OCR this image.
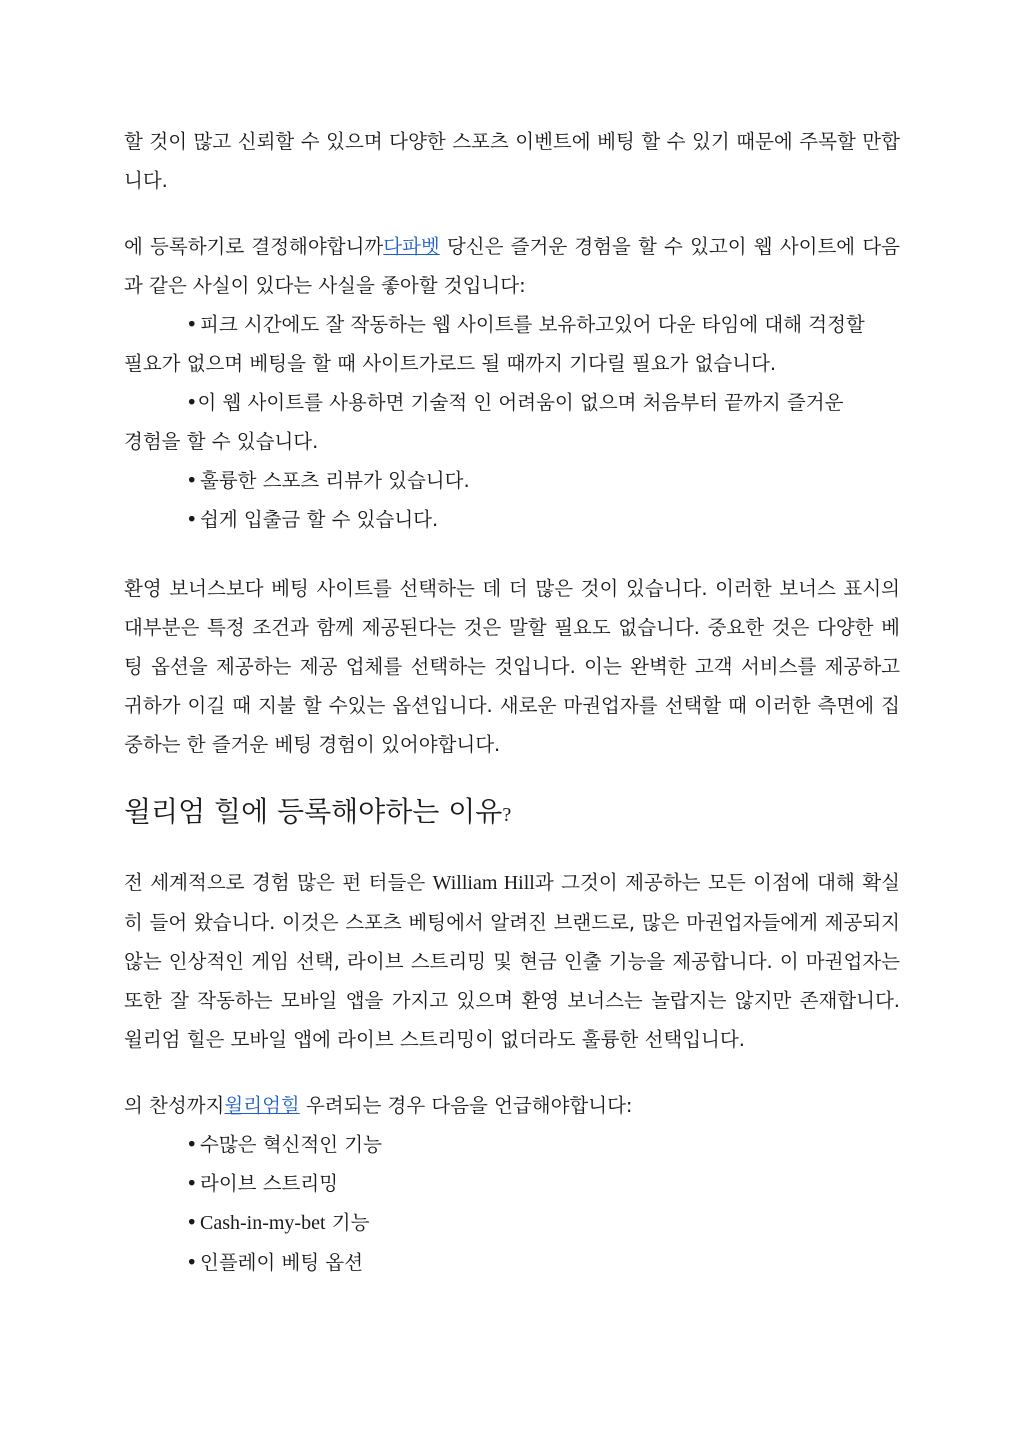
할 것이 많고 신뢰할 수 있으며 다양한 스포츠 이벤트에 베팅 할 수 있기 때문에 주목할 만합니다.

에 등록하기로 결정해야합니까다파벳 당신은 즐거운 경험을 할 수 있고이 웹 사이트에 다음과 같은 사실이 있다는 사실을 좋아할 것입니다:

• 피크 시간에도 잘 작동하는 웹 사이트를 보유하고있어 다운 타임에 대해 걱정할
필요가 없으며 베팅을 할 때 사이트가로드 될 때까지 기다릴 필요가 없습니다.
•이 웹 사이트를 사용하면 기술적 인 어려움이 없으며 처음부터 끝까지 즐거운
경험을 할 수 있습니다.
• 훌륭한 스포츠 리뷰가 있습니다.
• 쉽게 입출금 할 수 있습니다.

환영 보너스보다 베팅 사이트를 선택하는 데 더 많은 것이 있습니다. 이러한 보너스 표시의 대부분은 특정 조건과 함께 제공된다는 것은 말할 필요도 없습니다. 중요한 것은 다양한 베팅 옵션을 제공하는 제공 업체를 선택하는 것입니다. 이는 완벽한 고객 서비스를 제공하고 귀하가 이길 때 지불 할 수있는 옵션입니다. 새로운 마권업자를 선택할 때 이러한 측면에 집중하는 한 즐거운 베팅 경험이 있어야합니다.

윌리엄 힐에 등록해야하는 이유?

전 세계적으로 경험 많은 펀 터들은 William Hill과 그것이 제공하는 모든 이점에 대해 확실히 들어 왔습니다. 이것은 스포츠 베팅에서 알려진 브랜드로, 많은 마권업자들에게 제공되지 않는 인상적인 게임 선택, 라이브 스트리밍 및 현금 인출 기능을 제공합니다. 이 마권업자는 또한 잘 작동하는 모바일 앱을 가지고 있으며 환영 보너스는 놀랍지는 않지만 존재합니다. 윌리엄 힐은 모바일 앱에 라이브 스트리밍이 없더라도 훌륭한 선택입니다.

의 찬성까지윌리엄힐 우려되는 경우 다음을 언급해야합니다:

• 수많은 혁신적인 기능
• 라이브 스트리밍
• Cash-in-my-bet 기능
• 인플레이 베팅 옵션
